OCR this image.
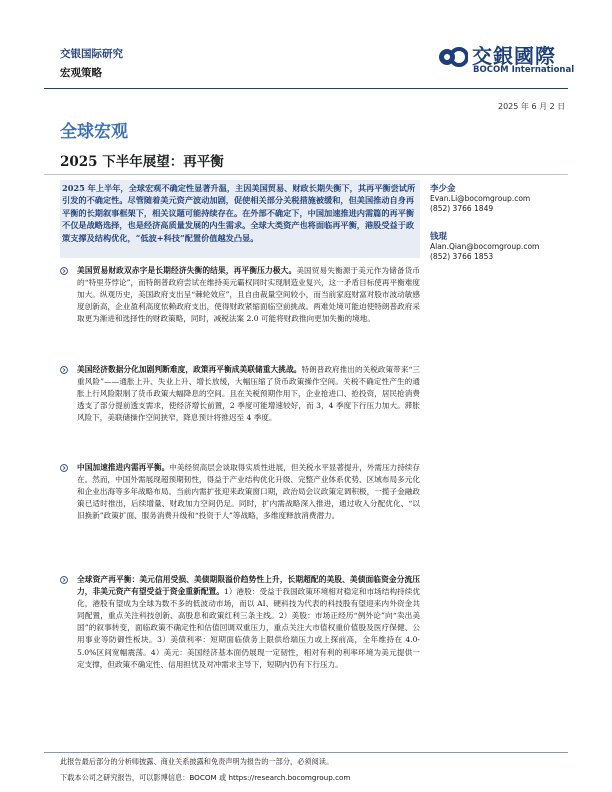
交银国际研究
宏观策略
交銀國際
BOCOM International
2025 年 6 月 2 日
全球宏观
2025 下半年展望：再平衡
2025 年上半年，全球宏观不确定性显著升温，主因美国贸易、财政长期失衡下，其再平衡尝试所引发的不确定性。尽管随着美元资产波动加剧，促使相关部分关税措施被缓和，但美国推动自身再平衡的长期叙事框架下，相关议题可能持续存在。在外部不确定下，中国加速推进内需篇的再平衡不仅是战略选择，也是经济高质量发展的内生需求。全球大类资产也将面临再平衡，港股受益于政策支撑及结构优化，“低波+科技”配置价值越发凸显。
李少金
Evan.Li@bocomgroup.com
(852) 3766 1849
钱琨
Alan.Qian@bocomgroup.com
(852) 3766 1853
美国贸易财政双赤字是长期经济失衡的结果，再平衡压力极大。美国贸易失衡源于美元作为储备货币的“特里芬悖论”，而特朗普政府尝试在维持美元霸权同时实现制造业复兴，这一矛盾目标使再平衡难度加大。纵观历史，美国政府支出呈“棘轮效应”，且自由裁量空间较小，而当前家庭财富对股市波动敏感度创新高，企业盈利高度依赖政府支出，使得财政紧缩面临空前挑战。两难处境可能迫使特朗普政府采取更为渐进和选择性的财政策略，同时，减税法案 2.0 可能将财政推向更加失衡的境地。
美国经济数据分化加剧判断难度，政策再平衡成美联储重大挑战。特朗普政府推出的关税政策带来“三重风险”——通胀上升、失业上升、增长放缓，大幅压缩了货币政策操作空间。关税不确定性产生的通胀上行风险限制了货币政策大幅降息的空间。且在关税预期作用下，企业抢进口、抢投资，居民抢消费透支了部分提前透支需求，使经济增长前置，2 季度可能增速较好，而 3，4 季度下行压力加大。滞胀风险下，美联储操作空间狭窄，降息预计将推迟至 4 季度。
中国加速推进内需再平衡。中美经贸高层会谈取得实质性进展，但关税水平显著提升，外需压力持续存在。然而，中国外需展现超预期韧性，得益于产业结构优化升级、完整产业体系优势、区域布局多元化和企业出海等多年战略布局。当前内需扩张迎来政策窗口期，政治局会议政策定调积极，一揽子金融政策已适时推出，后续增量、财政加力空间仍足。同时，扩内需战略深入推进，通过收入分配优化、“以旧换新”政策扩面、服务消费升级和“投资于人”等战略，多维度释放消费潜力。
全球资产再平衡：美元信用受损、美债期限溢价趋势性上升，长期超配的美股、美债面临资金分流压力，非美元资产有望受益于资金重新配置。1）港股：受益于我国政策环境相对稳定和市场结构持续优化，港股有望成为全球为数不多的低波动市场，而以 AI、硬科技为代表的科技股有望迎来内外资金共同配置，重点关注科技创新、高股息和政策红利三条主线。2）美股：市场正经历“例外论”向“卖出美国”的叙事转变，面临政策不确定性和估值回调双重压力，重点关注大市值权重价值股及医疗保健、公用事业等防御性板块。3）美债利率：短期面临债务上限供给端压力或上探前高，全年维持在 4.0-5.0%区间宽幅震荡。4）美元：美国经济基本面仍展现一定韧性，相对有利的利率环境为美元提供一定支撑，但政策不确定性、信用担忧及对冲需求主导下，短期内仍有下行压力。
此报告最后部分的分析师披露、商业关系披露和免责声明为报告的一部分，必须阅读。
下载本公司之研究报告，可以影博信息：BOCOM 或 https://research.bocomgroup.com
